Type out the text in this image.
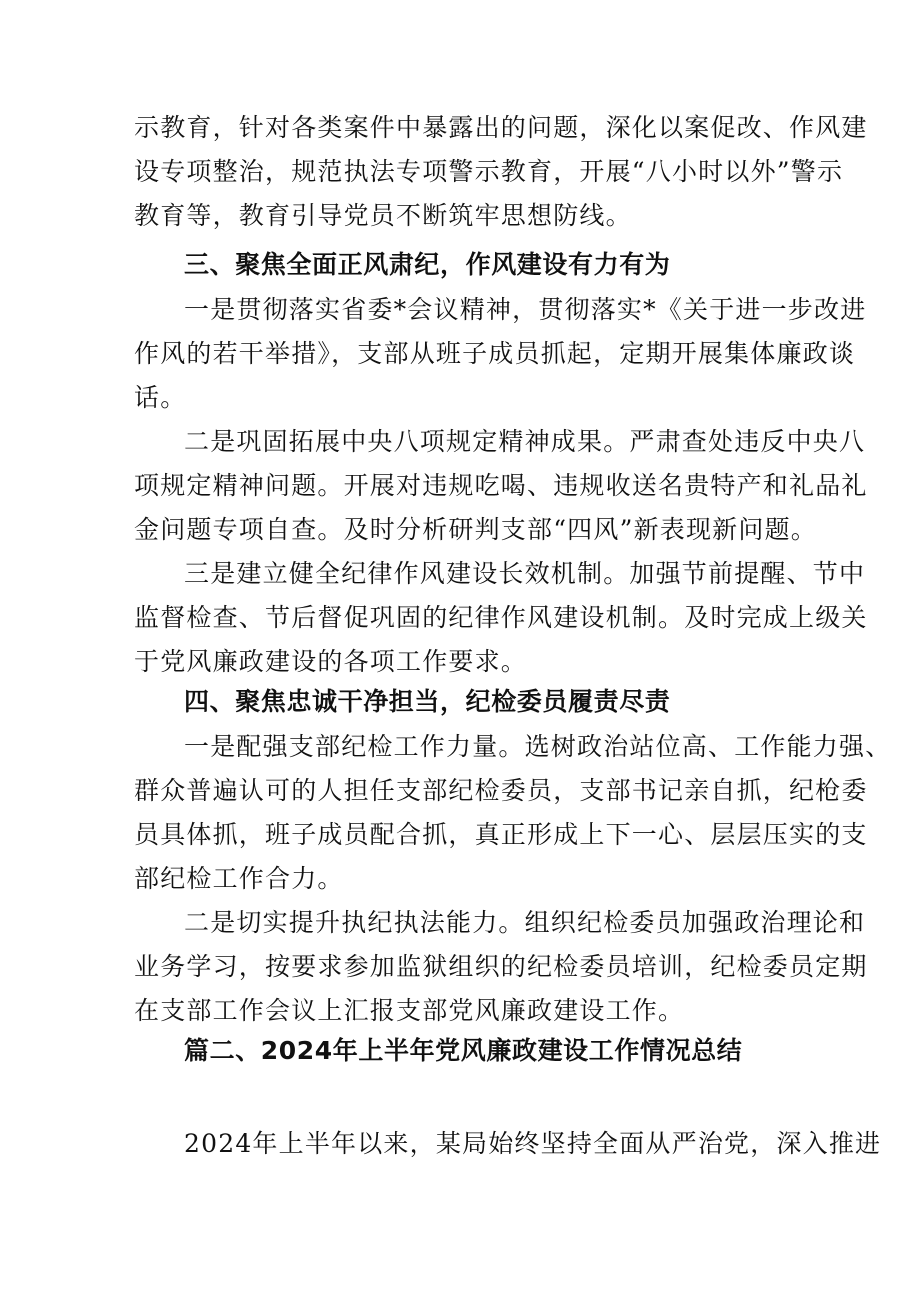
示教育，针对各类案件中暴露出的问题，深化以案促改、作风建
设专项整治，规范执法专项警示教育，开展“八小时以外”警示
教育等，教育引导党员不断筑牢思想防线。
三、聚焦全面正风肃纪，作风建设有力有为
一是贯彻落实省委*会议精神，贯彻落实*《关于进一步改进
作风的若干举措》，支部从班子成员抓起，定期开展集体廉政谈
话。
二是巩固拓展中央八项规定精神成果。严肃查处违反中央八
项规定精神问题。开展对违规吃喝、违规收送名贵特产和礼品礼
金问题专项自查。及时分析研判支部“四风”新表现新问题。
三是建立健全纪律作风建设长效机制。加强节前提醒、节中
监督检查、节后督促巩固的纪律作风建设机制。及时完成上级关
于党风廉政建设的各项工作要求。
四、聚焦忠诚干净担当，纪检委员履责尽责
一是配强支部纪检工作力量。选树政治站位高、工作能力强、
群众普遍认可的人担任支部纪检委员，支部书记亲自抓，纪枪委
员具体抓，班子成员配合抓，真正形成上下一心、层层压实的支
部纪检工作合力。
二是切实提升执纪执法能力。组织纪检委员加强政治理论和
业务学习，按要求参加监狱组织的纪检委员培训，纪检委员定期
在支部工作会议上汇报支部党风廉政建设工作。
篇二、2024年上半年党风廉政建设工作情况总结
2024年上半年以来，某局始终坚持全面从严治党，深入推进
